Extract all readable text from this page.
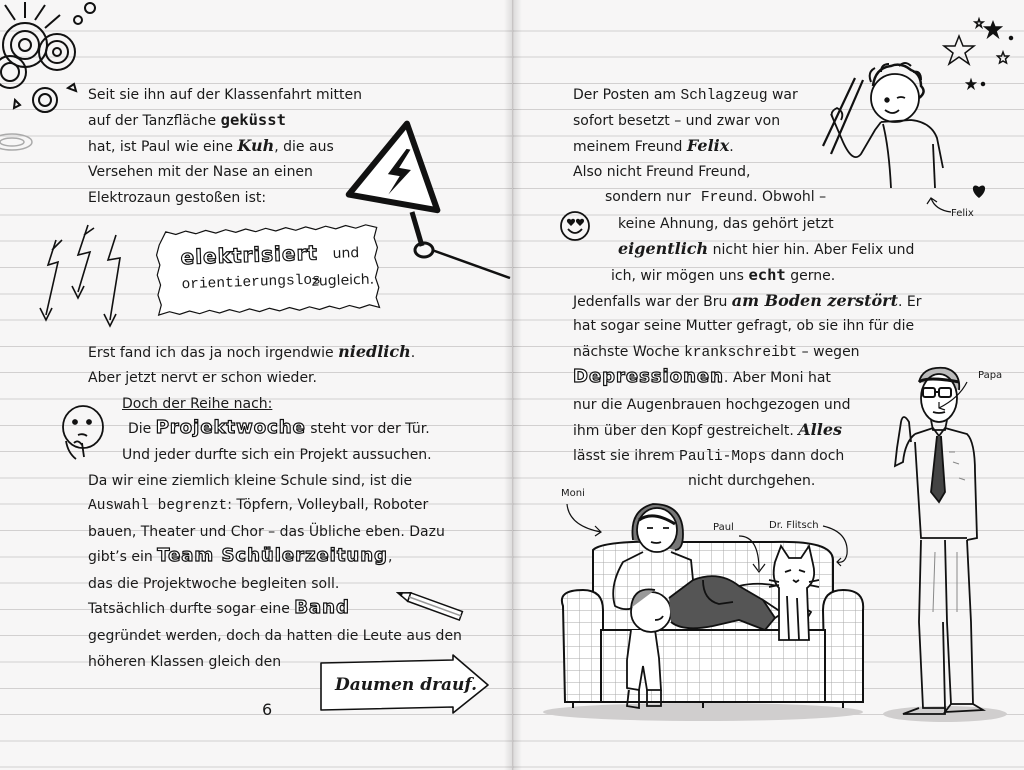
Seit sie ihn auf der Klassenfahrt mitten
auf der Tanzfläche geküsst
hat, ist Paul wie eine Kuh, die aus
Versehen mit der Nase an einen
Elektrozaun gestoßen ist:
Erst fand ich das ja noch irgendwie niedlich.
Aber jetzt nervt er schon wieder.
Doch der Reihe nach:
Die Projektwoche steht vor der Tür.
Und jeder durfte sich ein Projekt aussuchen.
Da wir eine ziemlich kleine Schule sind, ist die
Auswahl begrenzt: Töpfern, Volleyball, Roboter
bauen, Theater und Chor – das Übliche eben. Dazu
gibt’s ein Team Schülerzeitung,
das die Projektwoche begleiten soll.
Tatsächlich durfte sogar eine Band
gegründet werden, doch da hatten die Leute aus den
höheren Klassen gleich den
elektrisiert und
orientierungslos
zugleich.
Daumen drauf.
6
Der Posten am Schlagzeug war
sofort besetzt – und zwar von
meinem Freund Felix.
Also nicht Freund Freund,
sondern nur Freund. Obwohl –
keine Ahnung, das gehört jetzt
eigentlich nicht hier hin. Aber Felix und
ich, wir mögen uns echt gerne.
Jedenfalls war der Bru am Boden zerstört. Er
hat sogar seine Mutter gefragt, ob sie ihn für die
nächste Woche krankschreibt – wegen
Depressionen. Aber Moni hat
nur die Augenbrauen hochgezogen und
ihm über den Kopf gestreichelt. Alles
lässt sie ihrem Pauli-Mops dann doch
nicht durchgehen.
Felix
Papa
Moni
Paul	Dr. Flitsch
